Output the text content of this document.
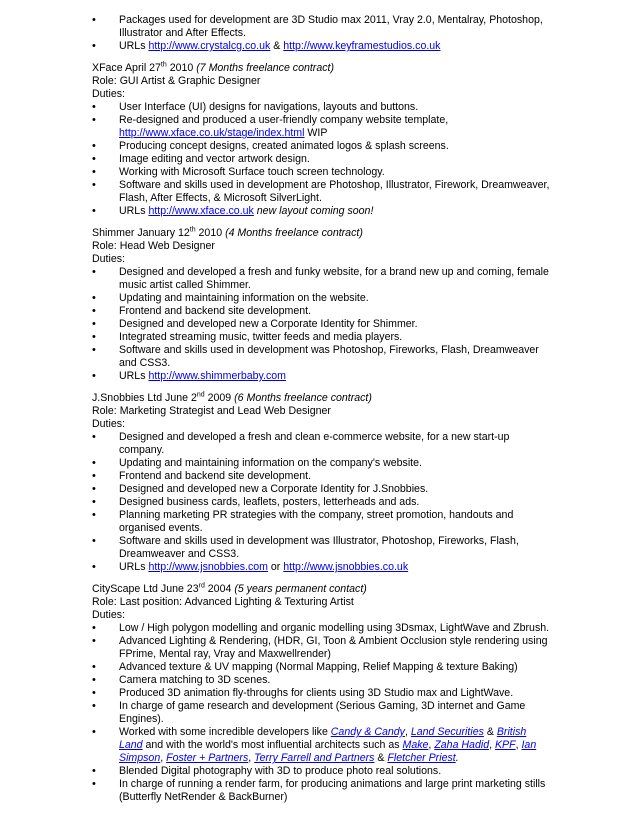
• Packages used for development are 3D Studio max 2011, Vray 2.0, Mentalray, Photoshop, Illustrator and After Effects.
• URLs http://www.crystalcg.co.uk & http://www.keyframestudios.co.uk
XFace April 27th 2010 (7 Months freelance contract)
Role: GUI Artist & Graphic Designer
Duties:
• User Interface (UI) designs for navigations, layouts and buttons.
• Re-designed and produced a user-friendly company website template, http://www.xface.co.uk/stage/index.html WIP
• Producing concept designs, created animated logos & splash screens.
• Image editing and vector artwork design.
• Working with Microsoft Surface touch screen technology.
• Software and skills used in development are Photoshop, Illustrator, Firework, Dreamweaver, Flash, After Effects, & Microsoft SilverLight.
• URLs http://www.xface.co.uk new layout coming soon!
Shimmer January 12th 2010 (4 Months freelance contract)
Role: Head Web Designer
Duties:
• Designed and developed a fresh and funky website, for a brand new up and coming, female music artist called Shimmer.
• Updating and maintaining information on the website.
• Frontend and backend site development.
• Designed and developed new a Corporate Identity for Shimmer.
• Integrated streaming music, twitter feeds and media players.
• Software and skills used in development was Photoshop, Fireworks, Flash, Dreamweaver and CSS3.
• URLs http://www.shimmerbaby.com
J.Snobbies Ltd June 2nd 2009 (6 Months freelance contract)
Role: Marketing Strategist and Lead Web Designer
Duties:
• Designed and developed a fresh and clean e-commerce website, for a new start-up company.
• Updating and maintaining information on the company's website.
• Frontend and backend site development.
• Designed and developed new a Corporate Identity for J.Snobbies.
• Designed business cards, leaflets, posters, letterheads and ads.
• Planning marketing PR strategies with the company, street promotion, handouts and organised events.
• Software and skills used in development was Illustrator, Photoshop, Fireworks, Flash, Dreamweaver and CSS3.
• URLs http://www.jsnobbies.com or http://www.jsnobbies.co.uk
CityScape Ltd June 23rd 2004 (5 years permanent contact)
Role: Last position: Advanced Lighting & Texturing Artist
Duties:
• Low / High polygon modelling and organic modelling using 3Dsmax, LightWave and Zbrush.
• Advanced Lighting & Rendering, (HDR, GI, Toon & Ambient Occlusion style rendering using FPrime, Mental ray, Vray and Maxwellrender)
• Advanced texture & UV mapping (Normal Mapping, Relief Mapping & texture Baking)
• Camera matching to 3D scenes.
• Produced 3D animation fly-throughs for clients using 3D Studio max and LightWave.
• In charge of game research and development (Serious Gaming, 3D internet and Game Engines).
• Worked with some incredible developers like Candy & Candy, Land Securities & British Land and with the world's most influential architects such as Make, Zaha Hadid, KPF, Ian Simpson, Foster + Partners, Terry Farrell and Partners & Fletcher Priest.
• Blended Digital photography with 3D to produce photo real solutions.
• In charge of running a render farm, for producing animations and large print marketing stills (Butterfly NetRender & BackBurner)
